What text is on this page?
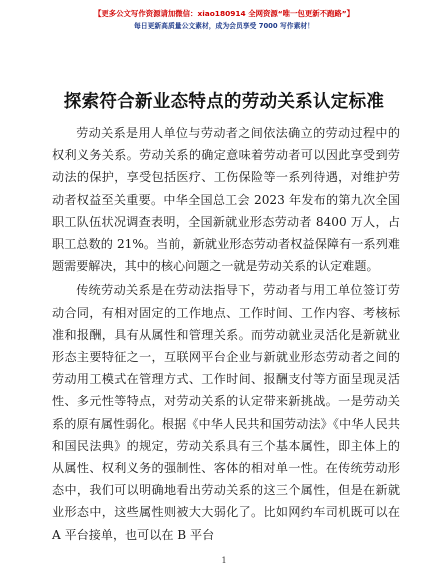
【更多公文写作资源请加微信：xiao180914 全网资源“唯一包更新不跑路”】
每日更新高质量公文素材，成为会员享受 7000 写作素材！
探索符合新业态特点的劳动关系认定标准

劳动关系是用人单位与劳动者之间依法确立的劳动过程中的权利义务关系。劳动关系的确定意味着劳动者可以因此享受到劳动法的保护，享受包括医疗、工伤保险等一系列待遇，对维护劳动者权益至关重要。中华全国总工会 2023 年发布的第九次全国职工队伍状况调查表明，全国新就业形态劳动者 8400 万人，占职工总数的 21%。当前，新就业形态劳动者权益保障有一系列难题需要解决，其中的核心问题之一就是劳动关系的认定难题。

传统劳动关系是在劳动法指导下，劳动者与用工单位签订劳动合同，有相对固定的工作地点、工作时间、工作内容、考核标准和报酬，具有从属性和管理关系。而劳动就业灵活化是新就业形态主要特征之一，互联网平台企业与新就业形态劳动者之间的劳动用工模式在管理方式、工作时间、报酬支付等方面呈现灵活性、多元性等特点，对劳动关系的认定带来新挑战。一是劳动关系的原有属性弱化。根据《中华人民共和国劳动法》《中华人民共和国民法典》的规定，劳动关系具有三个基本属性，即主体上的从属性、权利义务的强制性、客体的相对单一性。在传统劳动形态中，我们可以明确地看出劳动关系的这三个属性，但是在新就业形态中，这些属性则被大大弱化了。比如网约车司机既可以在 A 平台接单，也可以在 B 平台

1
